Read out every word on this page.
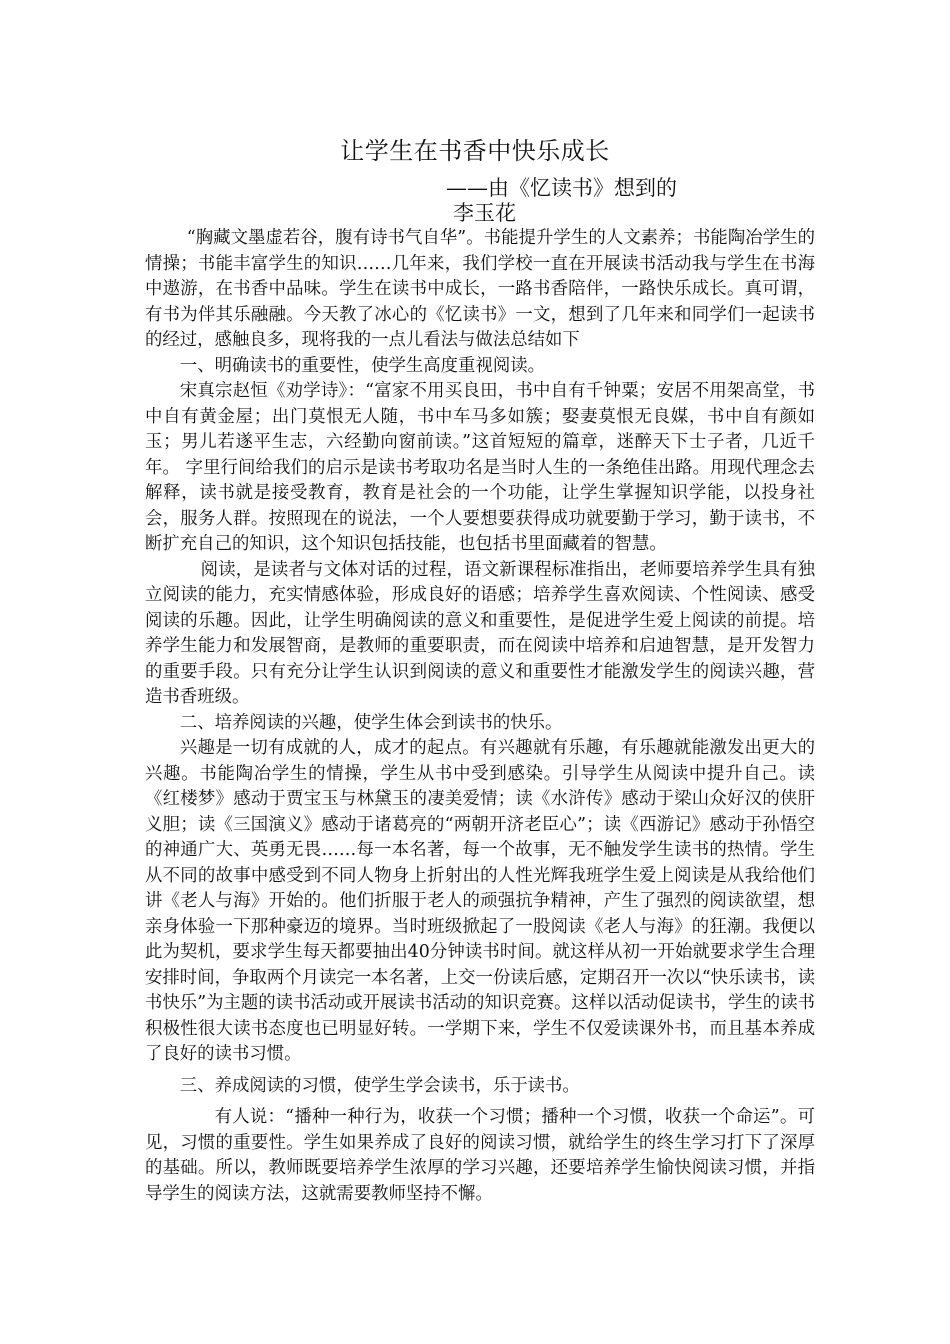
让学生在书香中快乐成长
——由《忆读书》想到的
李玉花

“胸藏文墨虚若谷，腹有诗书气自华”。书能提升学生的人文素养；书能陶冶学生的情操；书能丰富学生的知识……几年来，我们学校一直在开展读书活动我与学生在书海中遨游，在书香中品味。学生在读书中成长，一路书香陪伴，一路快乐成长。真可谓，有书为伴其乐融融。今天教了冰心的《忆读书》一文，想到了几年来和同学们一起读书的经过，感触良多，现将我的一点儿看法与做法总结如下

一、明确读书的重要性，使学生高度重视阅读。

宋真宗赵恒《劝学诗》：“富家不用买良田，书中自有千钟粟；安居不用架高堂，书中自有黄金屋；出门莫恨无人随，书中车马多如簇；娶妻莫恨无良媒，书中自有颜如玉；男儿若遂平生志，六经勤向窗前读。”这首短短的篇章，迷醉天下士子者，几近千年。 字里行间给我们的启示是读书考取功名是当时人生的一条绝佳出路。用现代理念去解释，读书就是接受教育，教育是社会的一个功能，让学生掌握知识学能，以投身社会，服务人群。按照现在的说法，一个人要想要获得成功就要勤于学习，勤于读书，不断扩充自己的知识，这个知识包括技能，也包括书里面藏着的智慧。

阅读，是读者与文体对话的过程，语文新课程标准指出，老师要培养学生具有独立阅读的能力，充实情感体验，形成良好的语感；培养学生喜欢阅读、个性阅读、感受阅读的乐趣。因此，让学生明确阅读的意义和重要性，是促进学生爱上阅读的前提。培养学生能力和发展智商，是教师的重要职责，而在阅读中培养和启迪智慧，是开发智力的重要手段。只有充分让学生认识到阅读的意义和重要性才能激发学生的阅读兴趣，营造书香班级。

二、培养阅读的兴趣，使学生体会到读书的快乐。

兴趣是一切有成就的人，成才的起点。有兴趣就有乐趣，有乐趣就能激发出更大的兴趣。书能陶冶学生的情操，学生从书中受到感染。引导学生从阅读中提升自己。读《红楼梦》感动于贾宝玉与林黛玉的凄美爱情；读《水浒传》感动于梁山众好汉的侠肝义胆；读《三国演义》感动于诸葛亮的“两朝开济老臣心”；读《西游记》感动于孙悟空的神通广大、英勇无畏……每一本名著，每一个故事，无不触发学生读书的热情。学生从不同的故事中感受到不同人物身上折射出的人性光辉我班学生爱上阅读是从我给他们讲《老人与海》开始的。他们折服于老人的顽强抗争精神，产生了强烈的阅读欲望，想亲身体验一下那种豪迈的境界。当时班级掀起了一股阅读《老人与海》的狂潮。我便以此为契机，要求学生每天都要抽出40分钟读书时间。就这样从初一开始就要求学生合理安排时间，争取两个月读完一本名著，上交一份读后感，定期召开一次以“快乐读书，读书快乐”为主题的读书活动或开展读书活动的知识竞赛。这样以活动促读书，学生的读书积极性很大读书态度也已明显好转。一学期下来，学生不仅爱读课外书，而且基本养成了良好的读书习惯。

三、养成阅读的习惯，使学生学会读书，乐于读书。

有人说：“播种一种行为，收获一个习惯；播种一个习惯，收获一个命运”。可见，习惯的重要性。学生如果养成了良好的阅读习惯，就给学生的终生学习打下了深厚的基础。所以，教师既要培养学生浓厚的学习兴趣，还要培养学生愉快阅读习惯，并指导学生的阅读方法，这就需要教师坚持不懈。
